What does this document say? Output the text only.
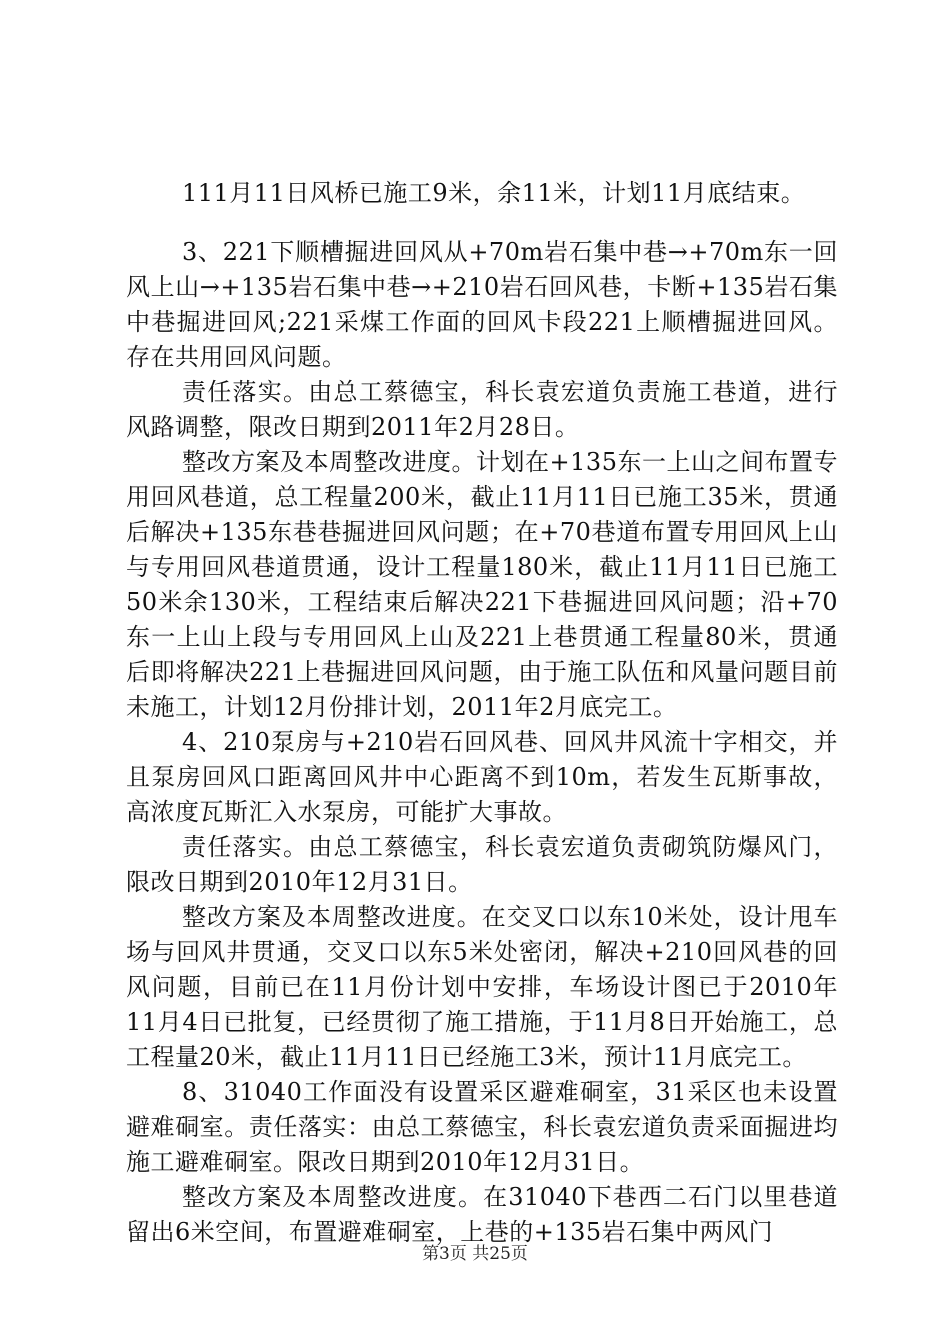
111月11日风桥已施工9米，余11米，计划11月底结束。

3、221下顺槽掘进回风从+70m岩石集中巷→+70m东一回风上山→+135岩石集中巷→+210岩石回风巷，卡断+135岩石集中巷掘进回风;221采煤工作面的回风卡段221上顺槽掘进回风。存在共用回风问题。

责任落实。由总工蔡德宝，科长袁宏道负责施工巷道，进行风路调整，限改日期到2011年2月28日。

整改方案及本周整改进度。计划在+135东一上山之间布置专用回风巷道，总工程量200米，截止11月11日已施工35米，贯通后解决+135东巷巷掘进回风问题；在+70巷道布置专用回风上山与专用回风巷道贯通，设计工程量180米，截止11月11日已施工50米余130米，工程结束后解决221下巷掘进回风问题；沿+70东一上山上段与专用回风上山及221上巷贯通工程量80米，贯通后即将解决221上巷掘进回风问题，由于施工队伍和风量问题目前未施工，计划12月份排计划，2011年2月底完工。

4、210泵房与+210岩石回风巷、回风井风流十字相交，并且泵房回风口距离回风井中心距离不到10m，若发生瓦斯事故，高浓度瓦斯汇入水泵房，可能扩大事故。

责任落实。由总工蔡德宝，科长袁宏道负责砌筑防爆风门，限改日期到2010年12月31日。

整改方案及本周整改进度。在交叉口以东10米处，设计甩车场与回风井贯通，交叉口以东5米处密闭，解决+210回风巷的回风问题，目前已在11月份计划中安排，车场设计图已于2010年11月4日已批复，已经贯彻了施工措施，于11月8日开始施工，总工程量20米，截止11月11日已经施工3米，预计11月底完工。

8、31040工作面没有设置采区避难硐室，31采区也未设置避难硐室。责任落实：由总工蔡德宝，科长袁宏道负责采面掘进均施工避难硐室。限改日期到2010年12月31日。

整改方案及本周整改进度。在31040下巷西二石门以里巷道留出6米空间，布置避难硐室，上巷的+135岩石集中两风门

第3页 共25页
